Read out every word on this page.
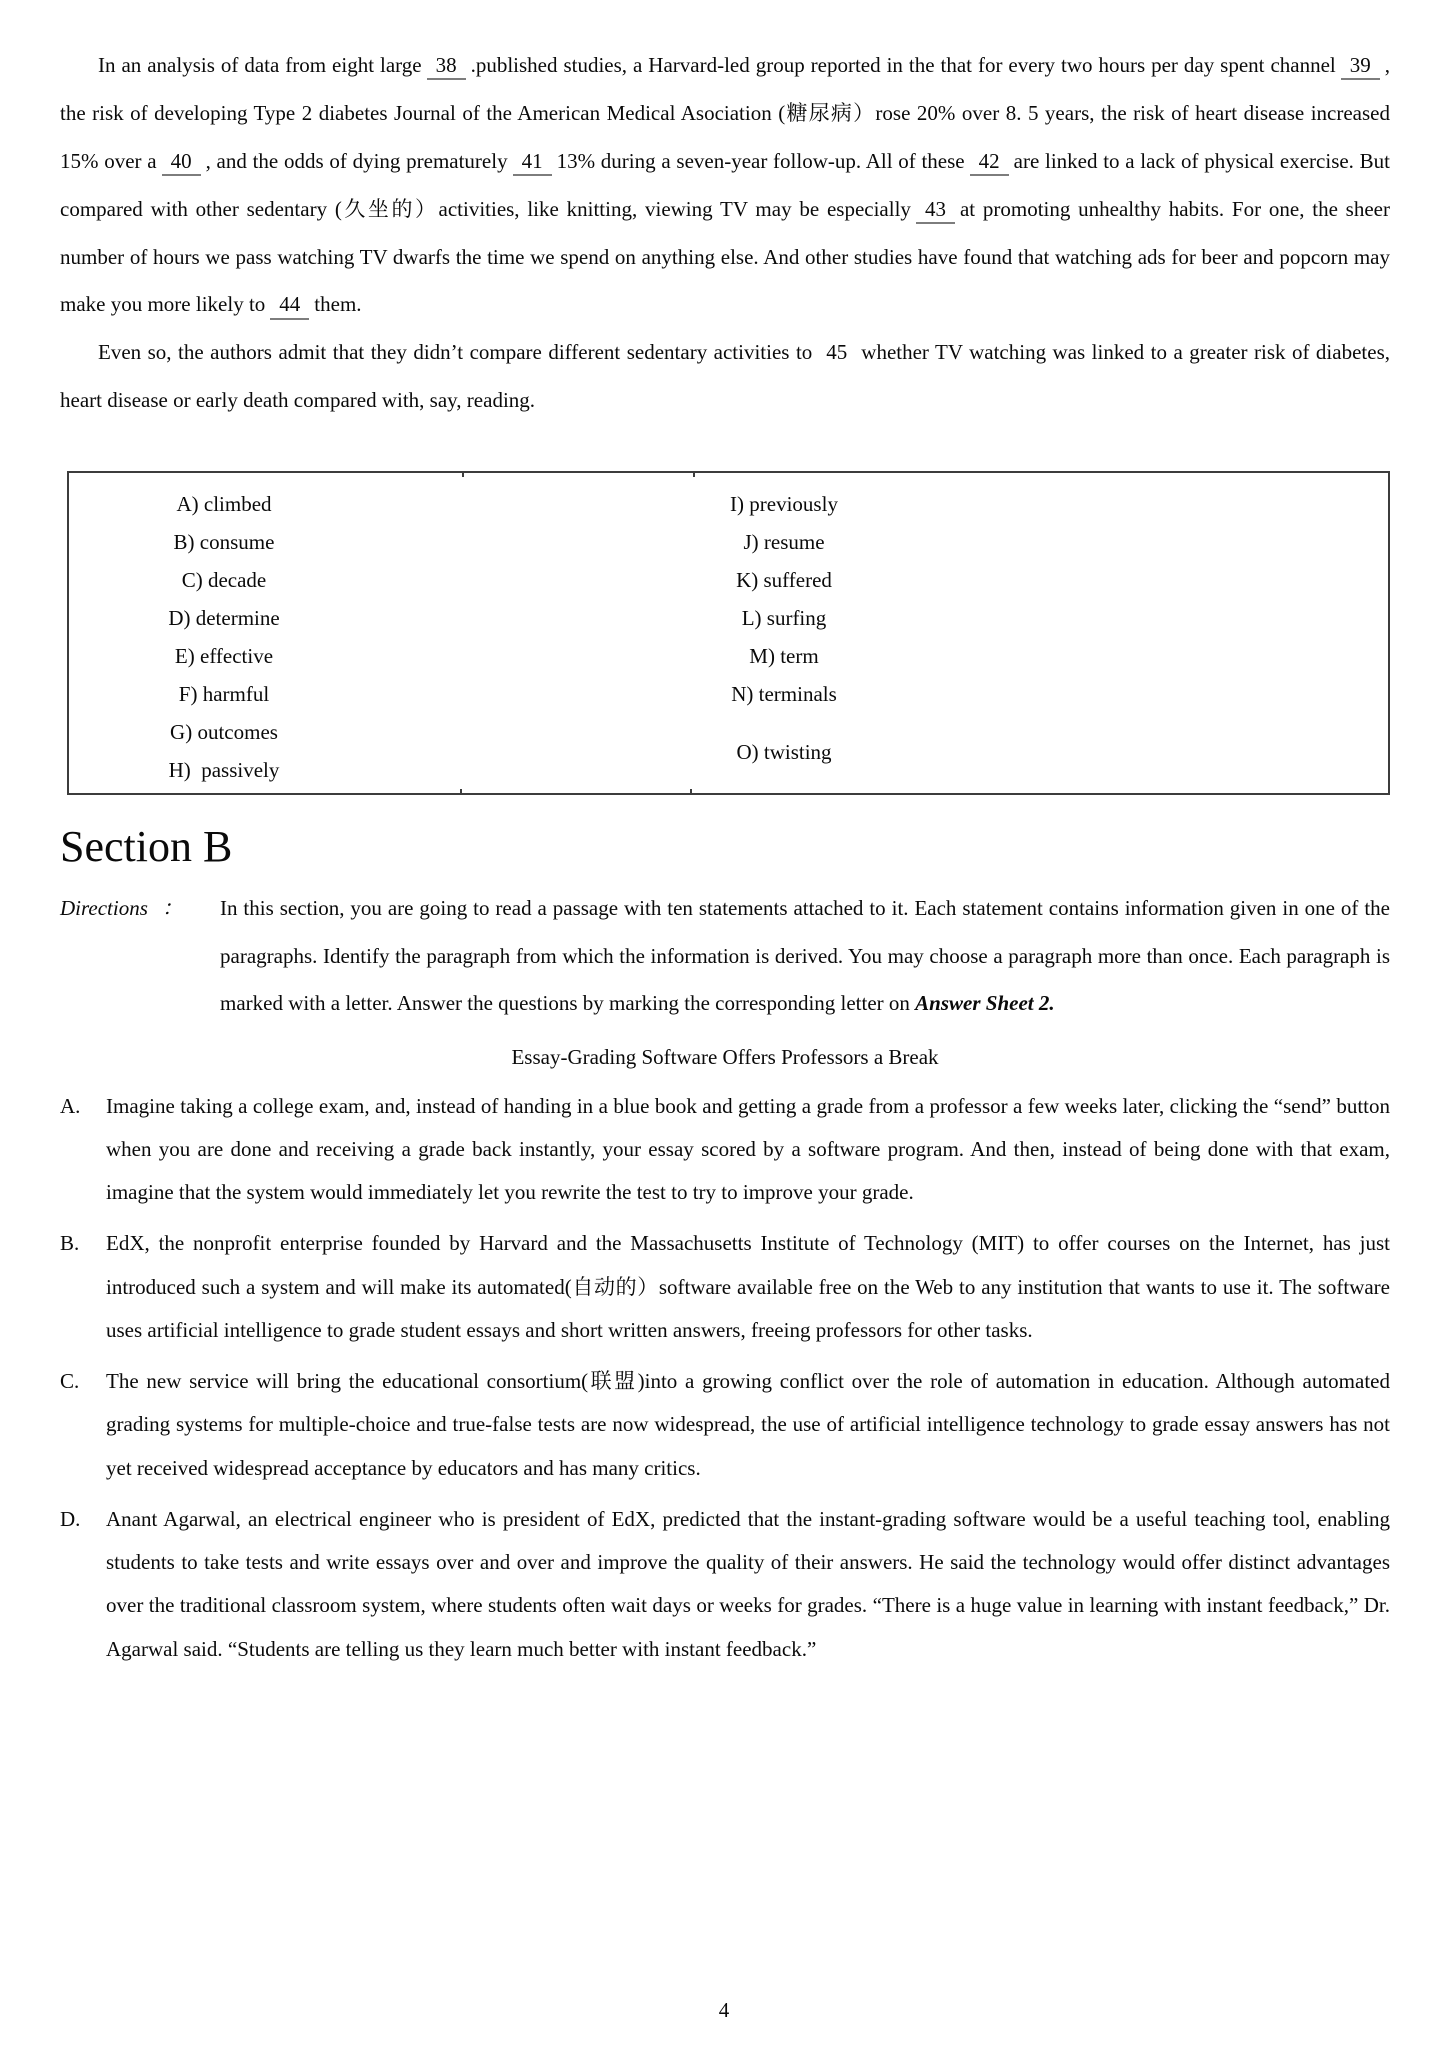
In an analysis of data from eight large 38 .published studies, a Harvard-led group reported in the that for every two hours per day spent channel 39 , the risk of developing Type 2 diabetes Journal of the American Medical Asociation (糖尿病）rose 20% over 8. 5 years, the risk of heart disease increased 15% over a 40 , and the odds of dying prematurely 41 13% during a seven-year follow-up. All of these 42 are linked to a lack of physical exercise. But compared with other sedentary (久坐的）activities, like knitting, viewing TV may be especially 43 at promoting unhealthy habits. For one, the sheer number of hours we pass watching TV dwarfs the time we spend on anything else. And other studies have found that watching ads for beer and popcorn may make you more likely to 44 them.

Even so, the authors admit that they didn’t compare different sedentary activities to 45 whether TV watching was linked to a greater risk of diabetes, heart disease or early death compared with, say, reading.

A) climbed
B) consume
C) decade
D) determine
E) effective
F) harmful
G) outcomes
H)  passively
I) previously
J) resume
K) suffered
L) surfing
M) term
N) terminals
O) twisting
Section B
Directions ：	In this section, you are going to read a passage with ten statements attached to it. Each statement contains information given in one of the paragraphs. Identify the paragraph from which the information is derived. You may choose a paragraph more than once. Each paragraph is marked with a letter. Answer the questions by marking the corresponding letter on Answer Sheet 2.
Essay-Grading Software Offers Professors a Break
A.	Imagine taking a college exam, and, instead of handing in a blue book and getting a grade from a professor a few weeks later, clicking the “send” button when you are done and receiving a grade back instantly, your essay scored by a software program. And then, instead of being done with that exam, imagine that the system would immediately let you rewrite the test to try to improve your grade.
B.	EdX, the nonprofit enterprise founded by Harvard and the Massachusetts Institute of Technology (MIT) to offer courses on the Internet, has just introduced such a system and will make its automated(自动的）software available free on the Web to any institution that wants to use it. The software uses artificial intelligence to grade student essays and short written answers, freeing professors for other tasks.
C.	The new service will bring the educational consortium(联盟)into a growing conflict over the role of automation in education. Although automated grading systems for multiple-choice and true-false tests are now widespread, the use of artificial intelligence technology to grade essay answers has not yet received widespread acceptance by educators and has many critics.
D.	Anant Agarwal, an electrical engineer who is president of EdX, predicted that the instant-grading software would be a useful teaching tool, enabling students to take tests and write essays over and over and improve the quality of their answers. He said the technology would offer distinct advantages over the traditional classroom system, where students often wait days or weeks for grades. “There is a huge value in learning with instant feedback,” Dr. Agarwal said. “Students are telling us they learn much better with instant feedback.”
4
